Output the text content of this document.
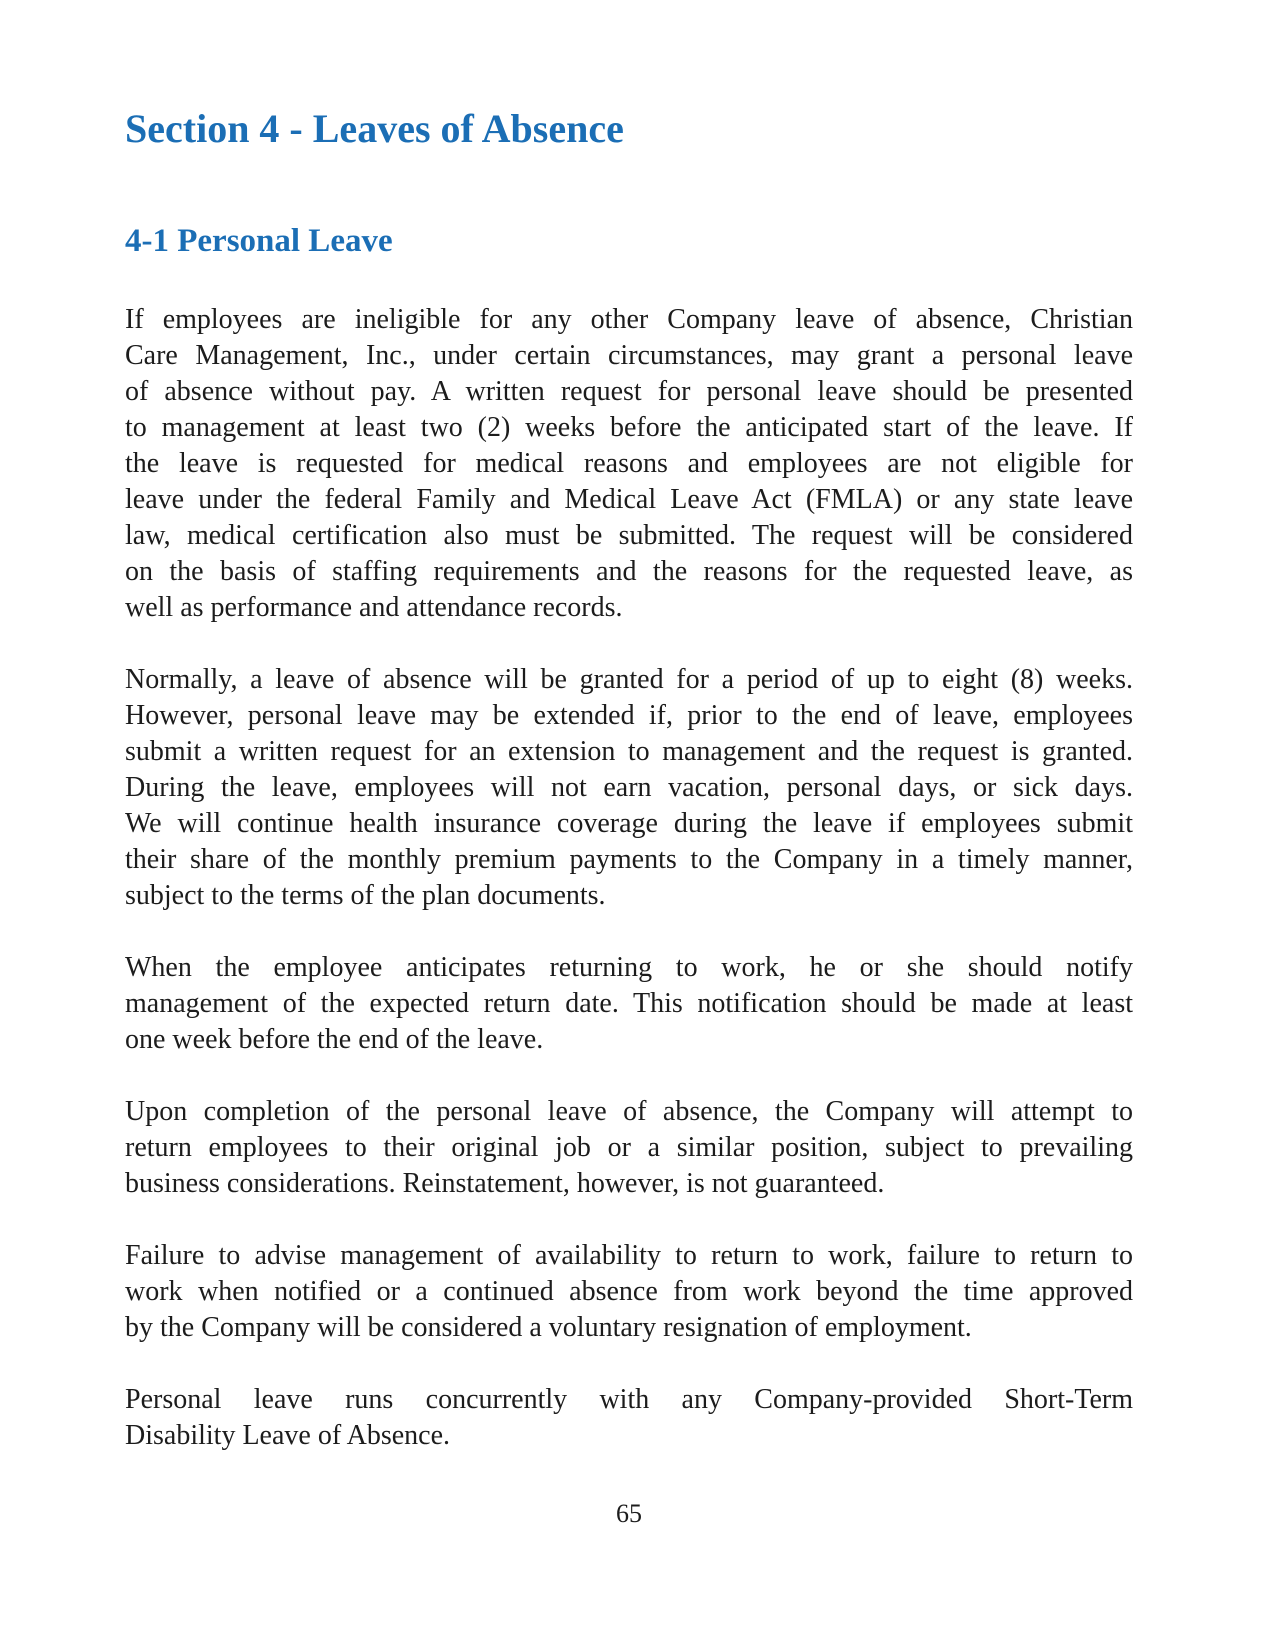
Section 4 - Leaves of Absence
4-1 Personal Leave
If employees are ineligible for any other Company leave of absence, Christian
Care Management, Inc., under certain circumstances, may grant a personal leave
of absence without pay. A written request for personal leave should be presented
to management at least two (2) weeks before the anticipated start of the leave. If
the leave is requested for medical reasons and employees are not eligible for
leave under the federal Family and Medical Leave Act (FMLA) or any state leave
law, medical certification also must be submitted. The request will be considered
on the basis of staffing requirements and the reasons for the requested leave, as
well as performance and attendance records.
Normally, a leave of absence will be granted for a period of up to eight (8) weeks.
However, personal leave may be extended if, prior to the end of leave, employees
submit a written request for an extension to management and the request is granted.
During the leave, employees will not earn vacation, personal days, or sick days.
We will continue health insurance coverage during the leave if employees submit
their share of the monthly premium payments to the Company in a timely manner,
subject to the terms of the plan documents.
When the employee anticipates returning to work, he or she should notify
management of the expected return date. This notification should be made at least
one week before the end of the leave.
Upon completion of the personal leave of absence, the Company will attempt to
return employees to their original job or a similar position, subject to prevailing
business considerations. Reinstatement, however, is not guaranteed.
Failure to advise management of availability to return to work, failure to return to
work when notified or a continued absence from work beyond the time approved
by the Company will be considered a voluntary resignation of employment.
Personal leave runs concurrently with any Company-provided Short-Term
Disability Leave of Absence.
65
